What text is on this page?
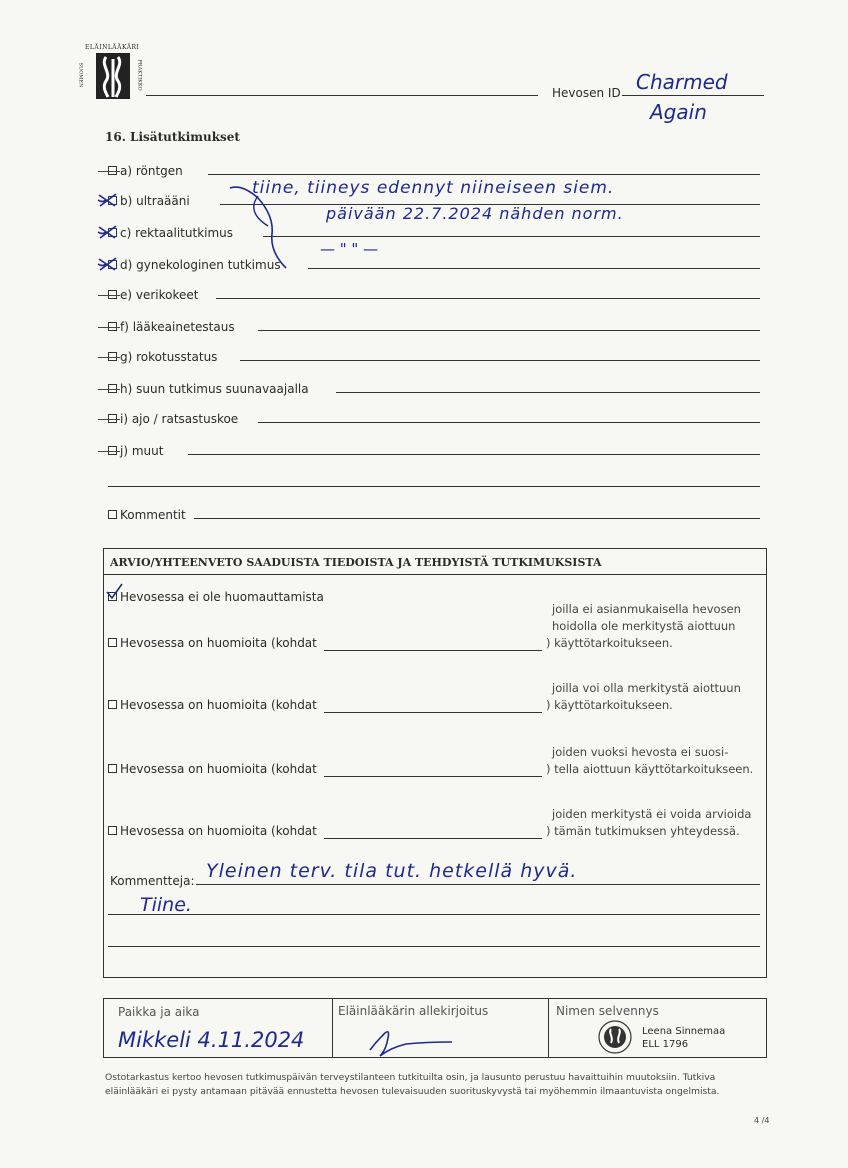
ELÄINLÄÄKÄRI
SUOMEN	PRAKTIKKO
Hevosen ID Charmed
Again
16. Lisätutkimukset
a) röntgen
b) ultraääni
c) rektaalitutkimus
d) gynekologinen tutkimus
e) verikokeet
f) lääkeainetestaus
g) rokotusstatus
h) suun tutkimus suunavaajalla
i) ajo / ratsastuskoe
j) muut
Kommentit
tiine, tiineys edennyt niineiseen siem.
päivään 22.7.2024 nähden norm.
— " " —
ARVIO/YHTEENVETO SAADUISTA TIEDOISTA JA TEHDYISTÄ TUTKIMUKSISTA
Hevosessa ei ole huomauttamista
Hevosessa on huomioita (kohdat
joilla ei asianmukaisella hevosen
hoidolla ole merkitystä aiottuun
) käyttötarkoitukseen.
Hevosessa on huomioita (kohdat
joilla voi olla merkitystä aiottuun
) käyttötarkoitukseen.
Hevosessa on huomioita (kohdat
joiden vuoksi hevosta ei suosi-
) tella aiottuun käyttötarkoitukseen.
Hevosessa on huomioita (kohdat
joiden merkitystä ei voida arvioida
) tämän tutkimuksen yhteydessä.
Kommentteja: Yleinen terv. tila tut. hetkellä hyvä.
Tiine.
Paikka ja aika
Mikkeli 4.11.2024
Eläinlääkärin allekirjoitus	Nimen selvennys
Leena Sinnemaa
ELL 1796
Ostotarkastus kertoo hevosen tutkimuspäivän terveystilanteen tutkituilta osin, ja lausunto perustuu havaittuihin muutoksiin. Tutkiva
eläinlääkäri ei pysty antamaan pitävää ennustetta hevosen tulevaisuuden suorituskyvystä tai myöhemmin ilmaantuvista ongelmista.
4 /4
